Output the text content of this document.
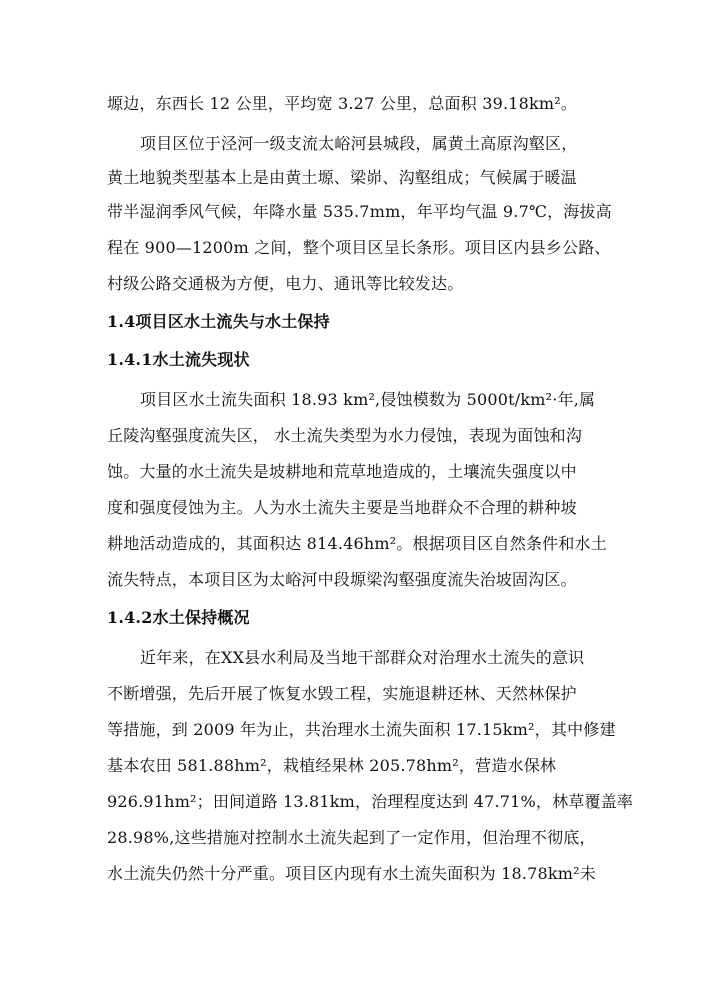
塬边，东西长 12 公里，平均宽 3.27 公里，总面积 39.18km²。
项目区位于泾河一级支流太峪河县城段，属黄土高原沟壑区，
黄土地貌类型基本上是由黄土塬、梁峁、沟壑组成；气候属于暖温
带半湿润季风气候，年降水量 535.7mm，年平均气温 9.7℃，海拔高
程在 900—1200m 之间，整个项目区呈长条形。项目区内县乡公路、
村级公路交通极为方便，电力、通讯等比较发达。
1.4项目区水土流失与水土保持
1.4.1水土流失现状
项目区水土流失面积 18.93 km²,侵蚀模数为 5000t/km²·年,属
丘陵沟壑强度流失区， 水土流失类型为水力侵蚀，表现为面蚀和沟
蚀。大量的水土流失是坡耕地和荒草地造成的，土壤流失强度以中
度和强度侵蚀为主。人为水土流失主要是当地群众不合理的耕种坡
耕地活动造成的，其面积达 814.46hm²。根据项目区自然条件和水土
流失特点，本项目区为太峪河中段塬梁沟壑强度流失治坡固沟区。
1.4.2水土保持概况
近年来，在XX县水利局及当地干部群众对治理水土流失的意识
不断增强，先后开展了恢复水毁工程，实施退耕还林、天然林保护
等措施，到 2009 年为止，共治理水土流失面积 17.15km²，其中修建
基本农田 581.88hm²，栽植经果林 205.78hm²，营造水保林
926.91hm²；田间道路 13.81km，治理程度达到 47.71%，林草覆盖率
28.98%,这些措施对控制水土流失起到了一定作用，但治理不彻底，
水土流失仍然十分严重。项目区内现有水土流失面积为 18.78km²未
